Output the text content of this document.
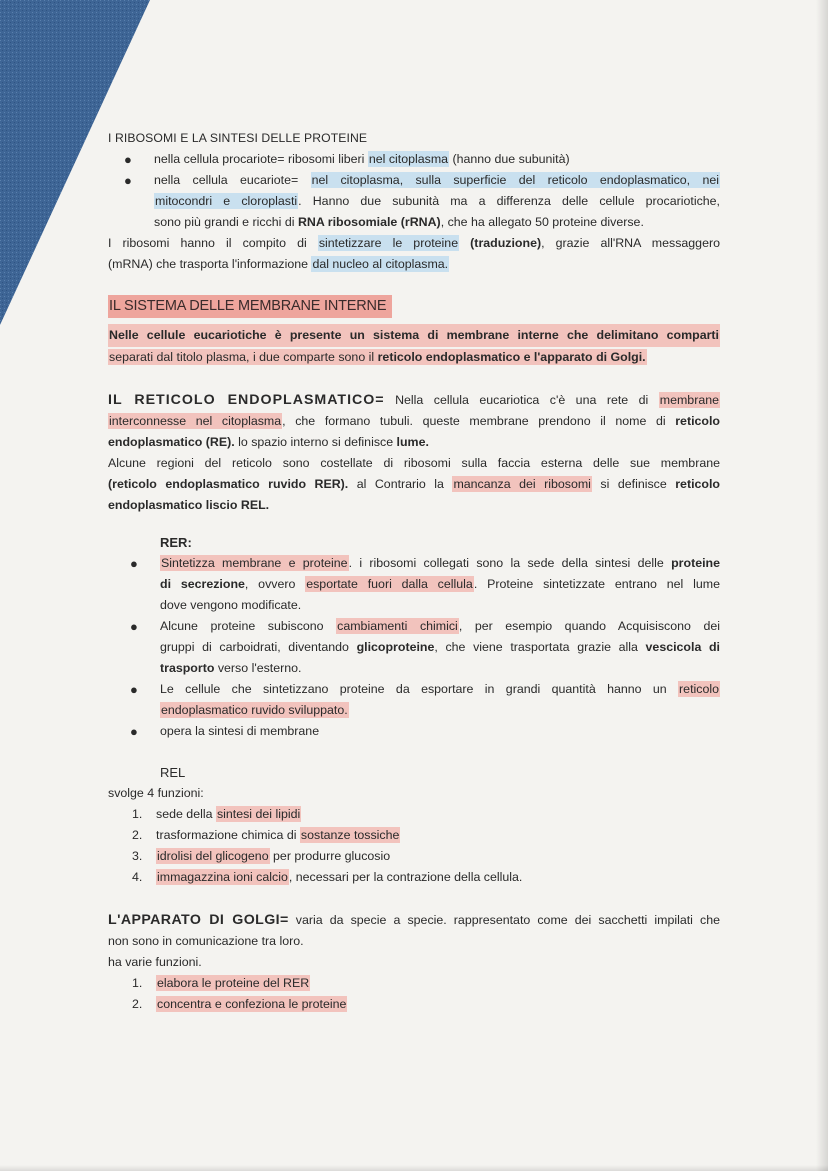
I RIBOSOMI E LA SINTESI DELLE PROTEINE

● nella cellula procariote= ribosomi liberi nel citoplasma (hanno due subunità)
● nella cellula eucariote= nel citoplasma, sulla superficie del reticolo endoplasmatico, nei

mitocondri e cloroplasti. Hanno due subunità ma a differenza delle cellule procariotiche,

sono più grandi e ricchi di RNA ribosomiale (rRNA), che ha allegato 50 proteine diverse.

I ribosomi hanno il compito di sintetizzare le proteine (traduzione), grazie all'RNA messaggero

(mRNA) che trasporta l'informazione dal nucleo al citoplasma.

IL SISTEMA DELLE MEMBRANE INTERNE

Nelle cellule eucariotiche è presente un sistema di membrane interne che delimitano comparti

separati dal titolo plasma, i due comparte sono il reticolo endoplasmatico e l'apparato di Golgi.

IL RETICOLO ENDOPLASMATICO= Nella cellula eucariotica c'è una rete di membrane

interconnesse nel citoplasma, che formano tubuli. queste membrane prendono il nome di reticolo

endoplasmatico (RE). lo spazio interno si definisce lume.

Alcune regioni del reticolo sono costellate di ribosomi sulla faccia esterna delle sue membrane

(reticolo endoplasmatico ruvido RER). al Contrario la mancanza dei ribosomi si definisce reticolo

endoplasmatico liscio REL.

RER:

● Sintetizza membrane e proteine. i ribosomi collegati sono la sede della sintesi delle proteine

di secrezione, ovvero esportate fuori dalla cellula. Proteine sintetizzate entrano nel lume

dove vengono modificate.

● Alcune proteine subiscono cambiamenti chimici, per esempio quando Acquisiscono dei

gruppi di carboidrati, diventando glicoproteine, che viene trasportata grazie alla vescicola di

trasporto verso l'esterno.

● Le cellule che sintetizzano proteine da esportare in grandi quantità hanno un reticolo

endoplasmatico ruvido sviluppato.

● opera la sintesi di membrane

REL

svolge 4 funzioni:

1. sede della sintesi dei lipidi
2. trasformazione chimica di sostanze tossiche
3. idrolisi del glicogeno per produrre glucosio
4. immagazzina ioni calcio, necessari per la contrazione della cellula.

L'APPARATO DI GOLGI= varia da specie a specie. rappresentato come dei sacchetti impilati che

non sono in comunicazione tra loro.

ha varie funzioni.

1. elabora le proteine del RER
2. concentra e confeziona le proteine
